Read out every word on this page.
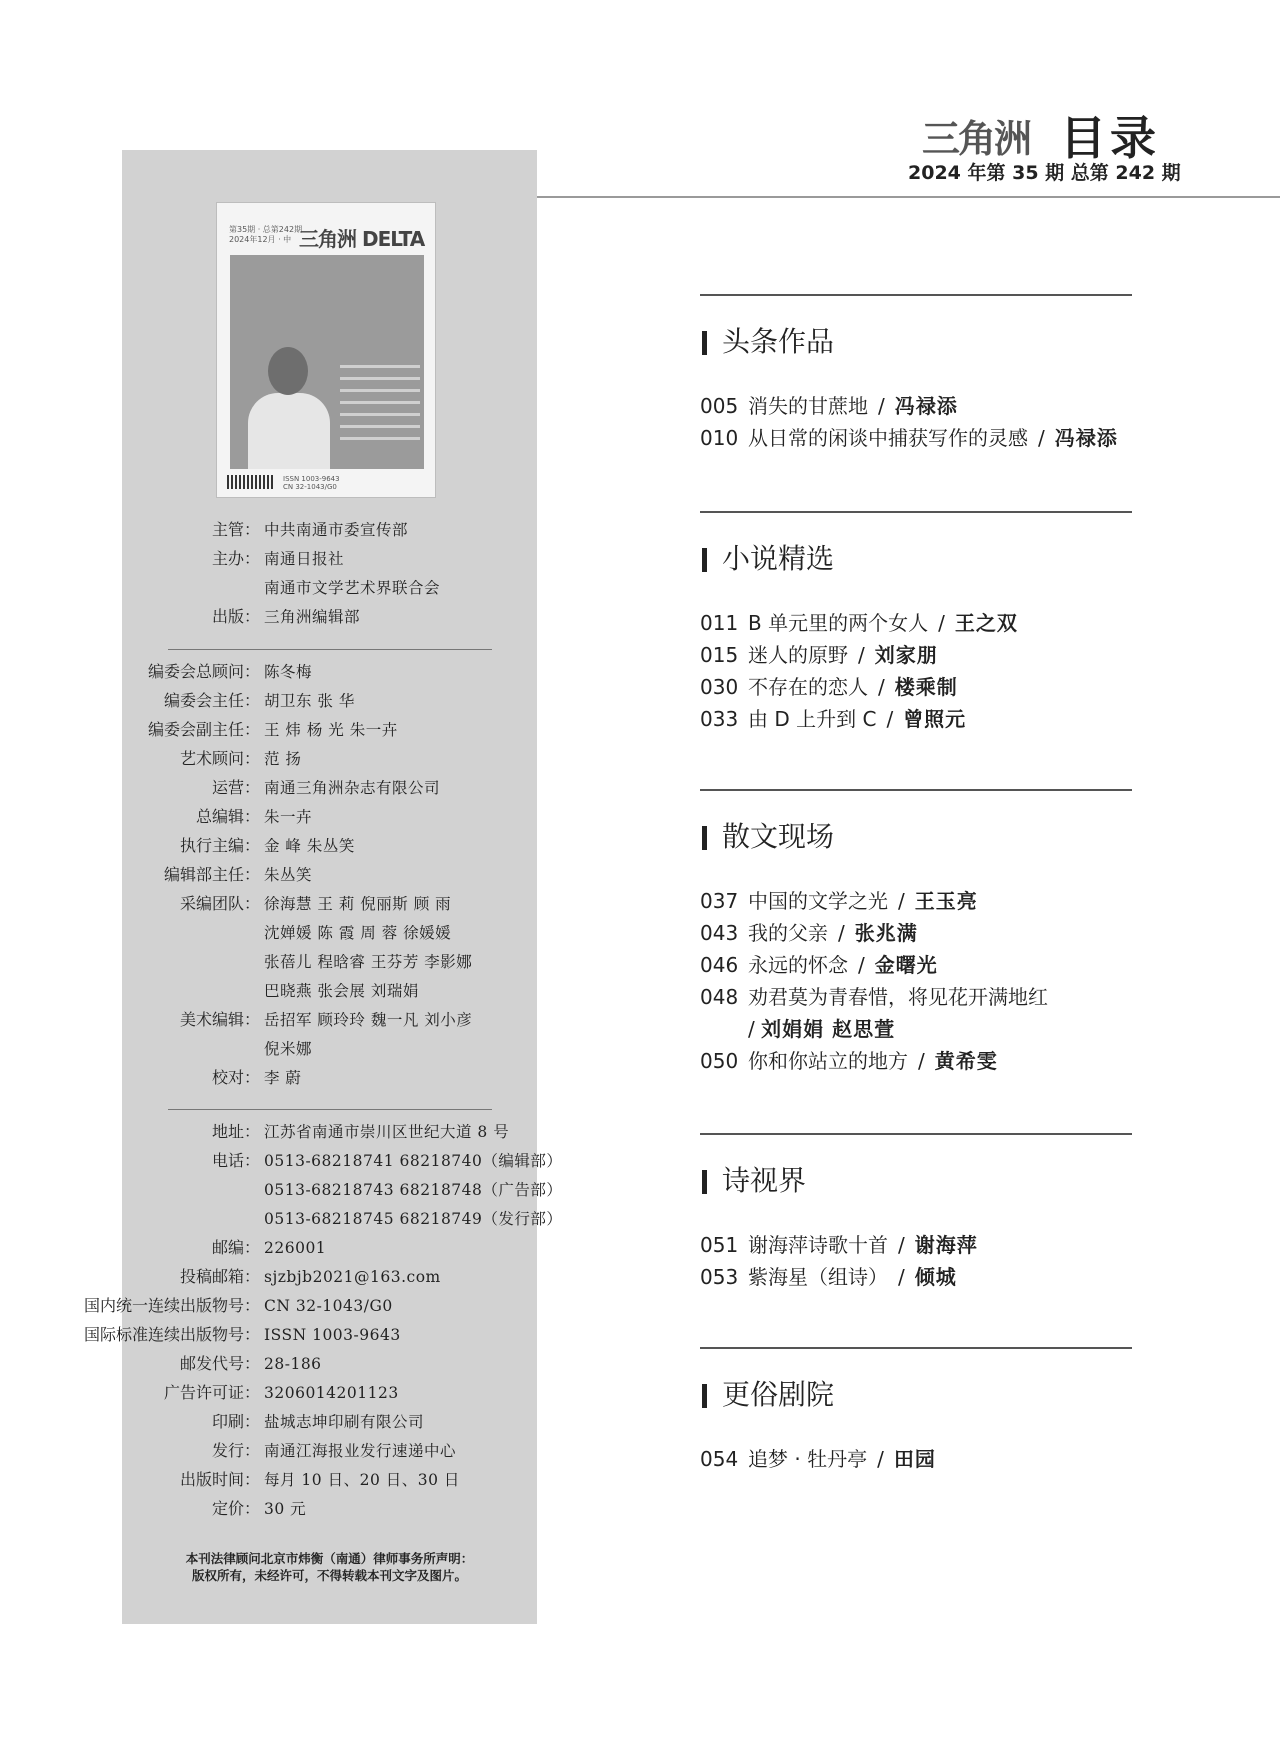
三角洲 目录
2024 年第 35 期 总第 242 期
第35期 · 总第242期
2024年12月 · 中 三角洲 DELTA
ISSN 1003-9643
CN 32-1043/G0
主管： 中共南通市委宣传部
主办： 南通日报社
南通市文学艺术界联合会
出版： 三角洲编辑部
编委会总顾问： 陈冬梅
编委会主任： 胡卫东 张 华
编委会副主任： 王 炜 杨 光 朱一卉
艺术顾问： 范 扬
运营： 南通三角洲杂志有限公司
总编辑： 朱一卉
执行主编： 金 峰 朱丛笑
编辑部主任： 朱丛笑
采编团队： 徐海慧 王 莉 倪丽斯 顾 雨
沈婵媛 陈 霞 周 蓉 徐媛媛
张蓓儿 程晗睿 王芬芳 李影娜
巴晓燕 张会展 刘瑞娟
美术编辑： 岳招军 顾玲玲 魏一凡 刘小彦
倪米娜
校对： 李 蔚
地址： 江苏省南通市崇川区世纪大道 8 号
电话： 0513-68218741 68218740（编辑部）
0513-68218743 68218748（广告部）
0513-68218745 68218749（发行部）
邮编： 226001
投稿邮箱： sjzbjb2021@163.com
国内统一连续出版物号： CN 32-1043/G0
国际标准连续出版物号： ISSN 1003-9643
邮发代号： 28-186
广告许可证： 3206014201123
印刷： 盐城志坤印刷有限公司
发行： 南通江海报业发行速递中心
出版时间： 每月 10 日、20 日、30 日
定价： 30 元
本刊法律顾问北京市炜衡（南通）律师事务所声明：
版权所有，未经许可，不得转载本刊文字及图片。
头条作品
005 消失的甘蔗地 / 冯禄添
010 从日常的闲谈中捕获写作的灵感 / 冯禄添
小说精选
011 B 单元里的两个女人 / 王之双
015 迷人的原野 / 刘家朋
030 不存在的恋人 / 楼乘制
033 由 D 上升到 C / 曾照元
散文现场
037 中国的文学之光 / 王玉亮
043 我的父亲 / 张兆满
046 永远的怀念 / 金曙光
048 劝君莫为青春惜，将见花开满地红
/ 刘娟娟 赵思萱
050 你和你站立的地方 / 黄希雯
诗视界
051 谢海萍诗歌十首 / 谢海萍
053 紫海星（组诗） / 倾城
更俗剧院
054 追梦 · 牡丹亭 / 田园
